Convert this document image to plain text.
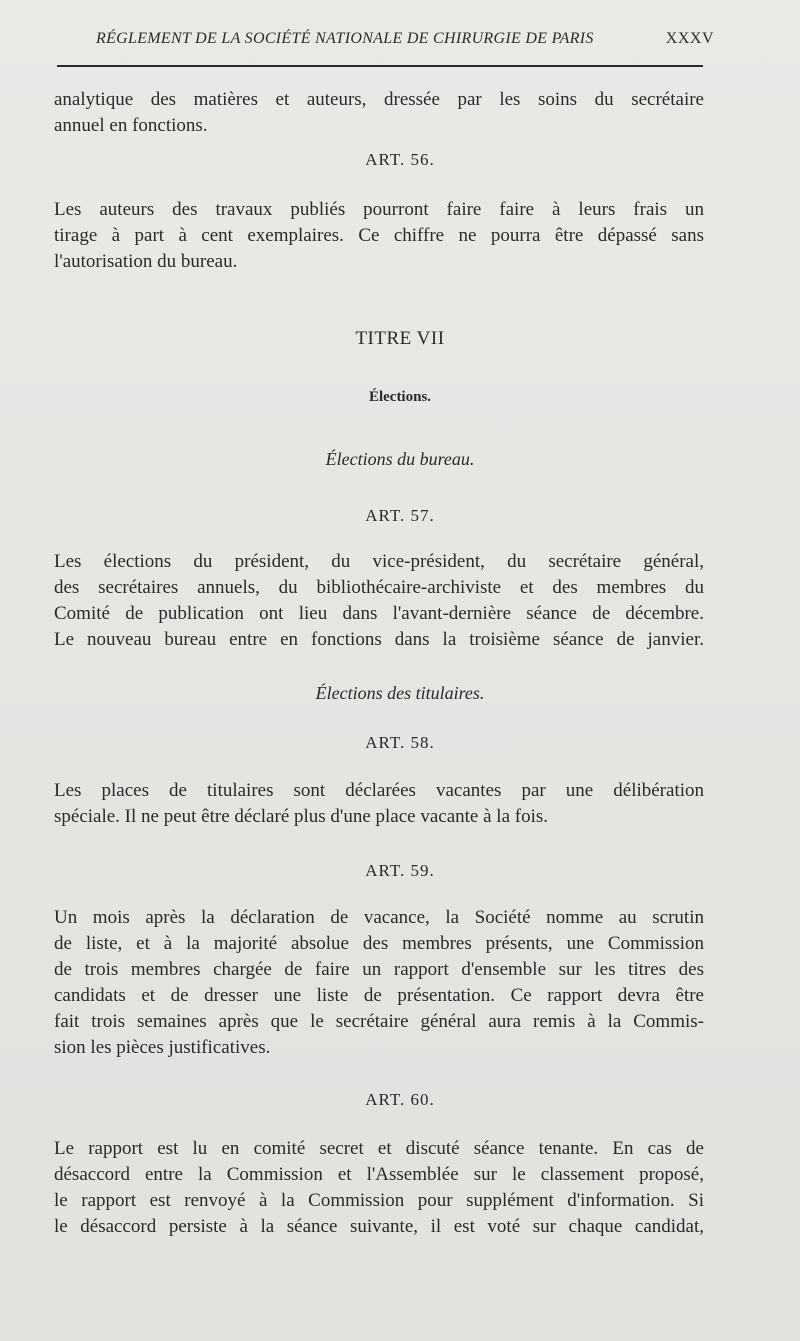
RÉGLEMENT DE LA SOCIÉTÉ NATIONALE DE CHIRURGIE DE PARIS	XXXV
analytique des matières et auteurs, dressée par les soins du secrétaire
annuel en fonctions.
ART. 56.
Les auteurs des travaux publiés pourront faire faire à leurs frais un
tirage à part à cent exemplaires. Ce chiffre ne pourra être dépassé sans
l'autorisation du bureau.
TITRE VII
Élections.
Élections du bureau.
ART. 57.
Les élections du président, du vice-président, du secrétaire général,
des secrétaires annuels, du bibliothécaire-archiviste et des membres du
Comité de publication ont lieu dans l'avant-dernière séance de décembre.
Le nouveau bureau entre en fonctions dans la troisième séance de janvier.
Élections des titulaires.
ART. 58.
Les places de titulaires sont déclarées vacantes par une délibération
spéciale. Il ne peut être déclaré plus d'une place vacante à la fois.
ART. 59.
Un mois après la déclaration de vacance, la Société nomme au scrutin
de liste, et à la majorité absolue des membres présents, une Commission
de trois membres chargée de faire un rapport d'ensemble sur les titres des
candidats et de dresser une liste de présentation. Ce rapport devra être
fait trois semaines après que le secrétaire général aura remis à la Commis-
sion les pièces justificatives.
ART. 60.
Le rapport est lu en comité secret et discuté séance tenante. En cas de
désaccord entre la Commission et l'Assemblée sur le classement proposé,
le rapport est renvoyé à la Commission pour supplément d'information. Si
le désaccord persiste à la séance suivante, il est voté sur chaque candidat,
